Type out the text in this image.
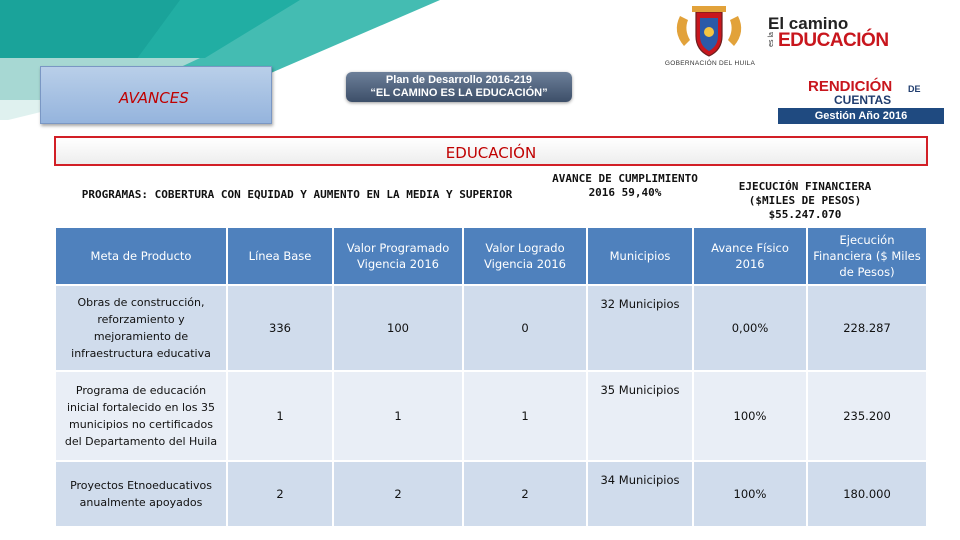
AVANCES
Plan de Desarrollo 2016-219
“EL CAMINO ES LA EDUCACIÓN”
GOBERNACIÓN DEL HUILA
El camino
es la EDUCACIÓN
RENDICIÓN DE
CUENTAS
Gestión Año 2016
EDUCACIÓN
PROGRAMAS: COBERTURA CON EQUIDAD Y AUMENTO EN LA MEDIA Y SUPERIOR
AVANCE DE CUMPLIMIENTO 2016 59,40%	EJECUCIÓN FINANCIERA ($MILES DE PESOS) $55.247.070
Meta de Producto	Línea Base	Valor Programado Vigencia 2016	Valor Logrado Vigencia 2016	Municipios	Avance Físico 2016	Ejecución Financiera ($ Miles de Pesos)
Obras de construcción, reforzamiento y mejoramiento de infraestructura educativa	336	100	0	32 Municipios	0,00%	228.287
Programa de educación inicial fortalecido en los 35 municipios no certificados del Departamento del Huila	1	1	1	35 Municipios	100%	235.200
Proyectos Etnoeducativos anualmente apoyados	2	2	2	34 Municipios	100%	180.000
